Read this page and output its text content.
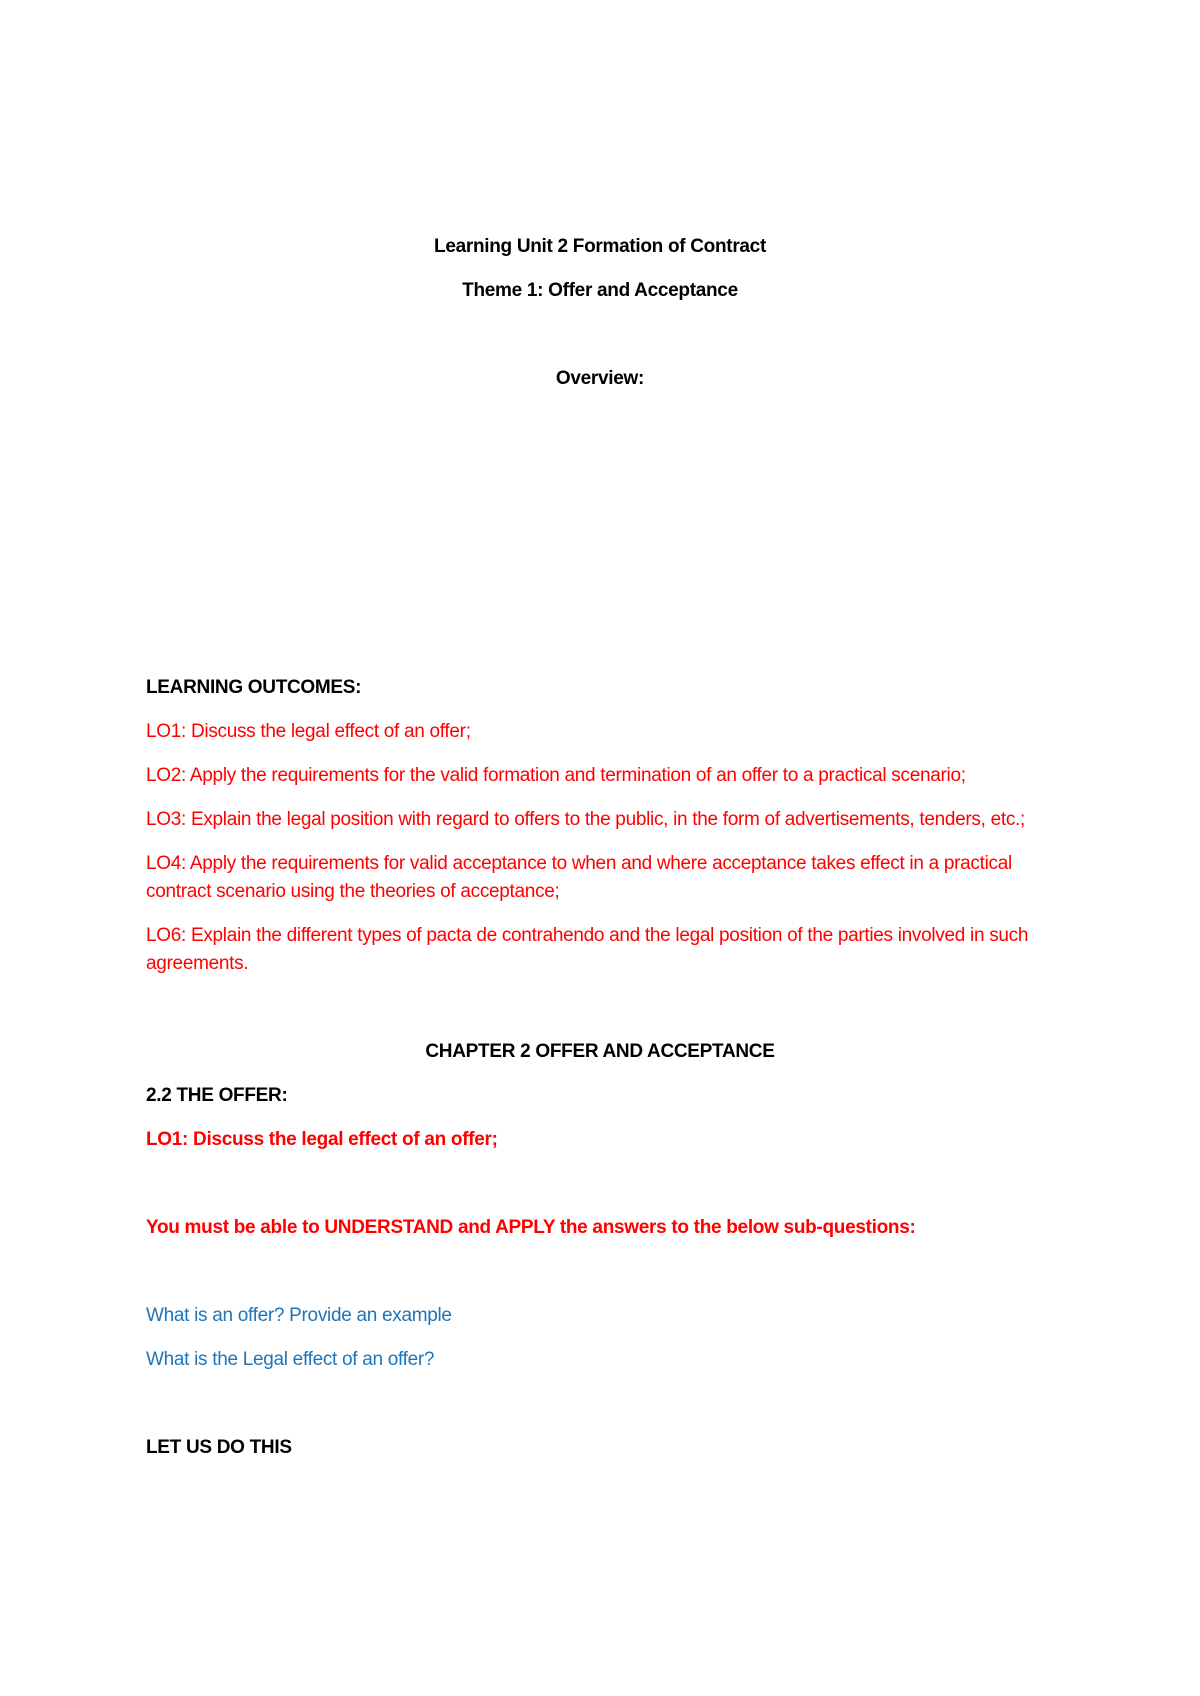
Learning Unit 2 Formation of Contract
Theme 1: Offer and Acceptance
Overview:
LEARNING OUTCOMES:
LO1: Discuss the legal effect of an offer;
LO2: Apply the requirements for the valid formation and termination of an offer to a practical scenario;
LO3: Explain the legal position with regard to offers to the public, in the form of advertisements, tenders, etc.;
LO4: Apply the requirements for valid acceptance to when and where acceptance takes effect in a practical contract scenario using the theories of acceptance;
LO6: Explain the different types of pacta de contrahendo and the legal position of the parties involved in such agreements.
CHAPTER 2 OFFER AND ACCEPTANCE
2.2 THE OFFER:
LO1: Discuss the legal effect of an offer;
You must be able to UNDERSTAND and APPLY the answers to the below sub-questions:
What is an offer? Provide an example
What is the Legal effect of an offer?
LET US DO THIS
